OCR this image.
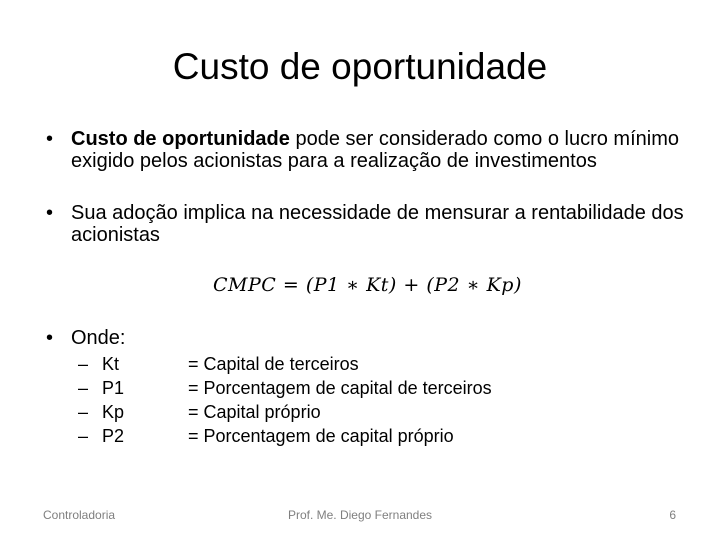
Custo de oportunidade
• Custo de oportunidade pode ser considerado como o lucro mínimo exigido pelos acionistas para a realização de investimentos
• Sua adoção implica na necessidade de mensurar a rentabilidade dos acionistas
CMPC = (P1 ∗ Kt) + (P2 ∗ Kp)
• Onde:
– Kt	= Capital de terceiros
– P1	= Porcentagem de capital de terceiros
– Kp	= Capital próprio
– P2	= Porcentagem de capital próprio
Controladoria	Prof. Me. Diego Fernandes	6
